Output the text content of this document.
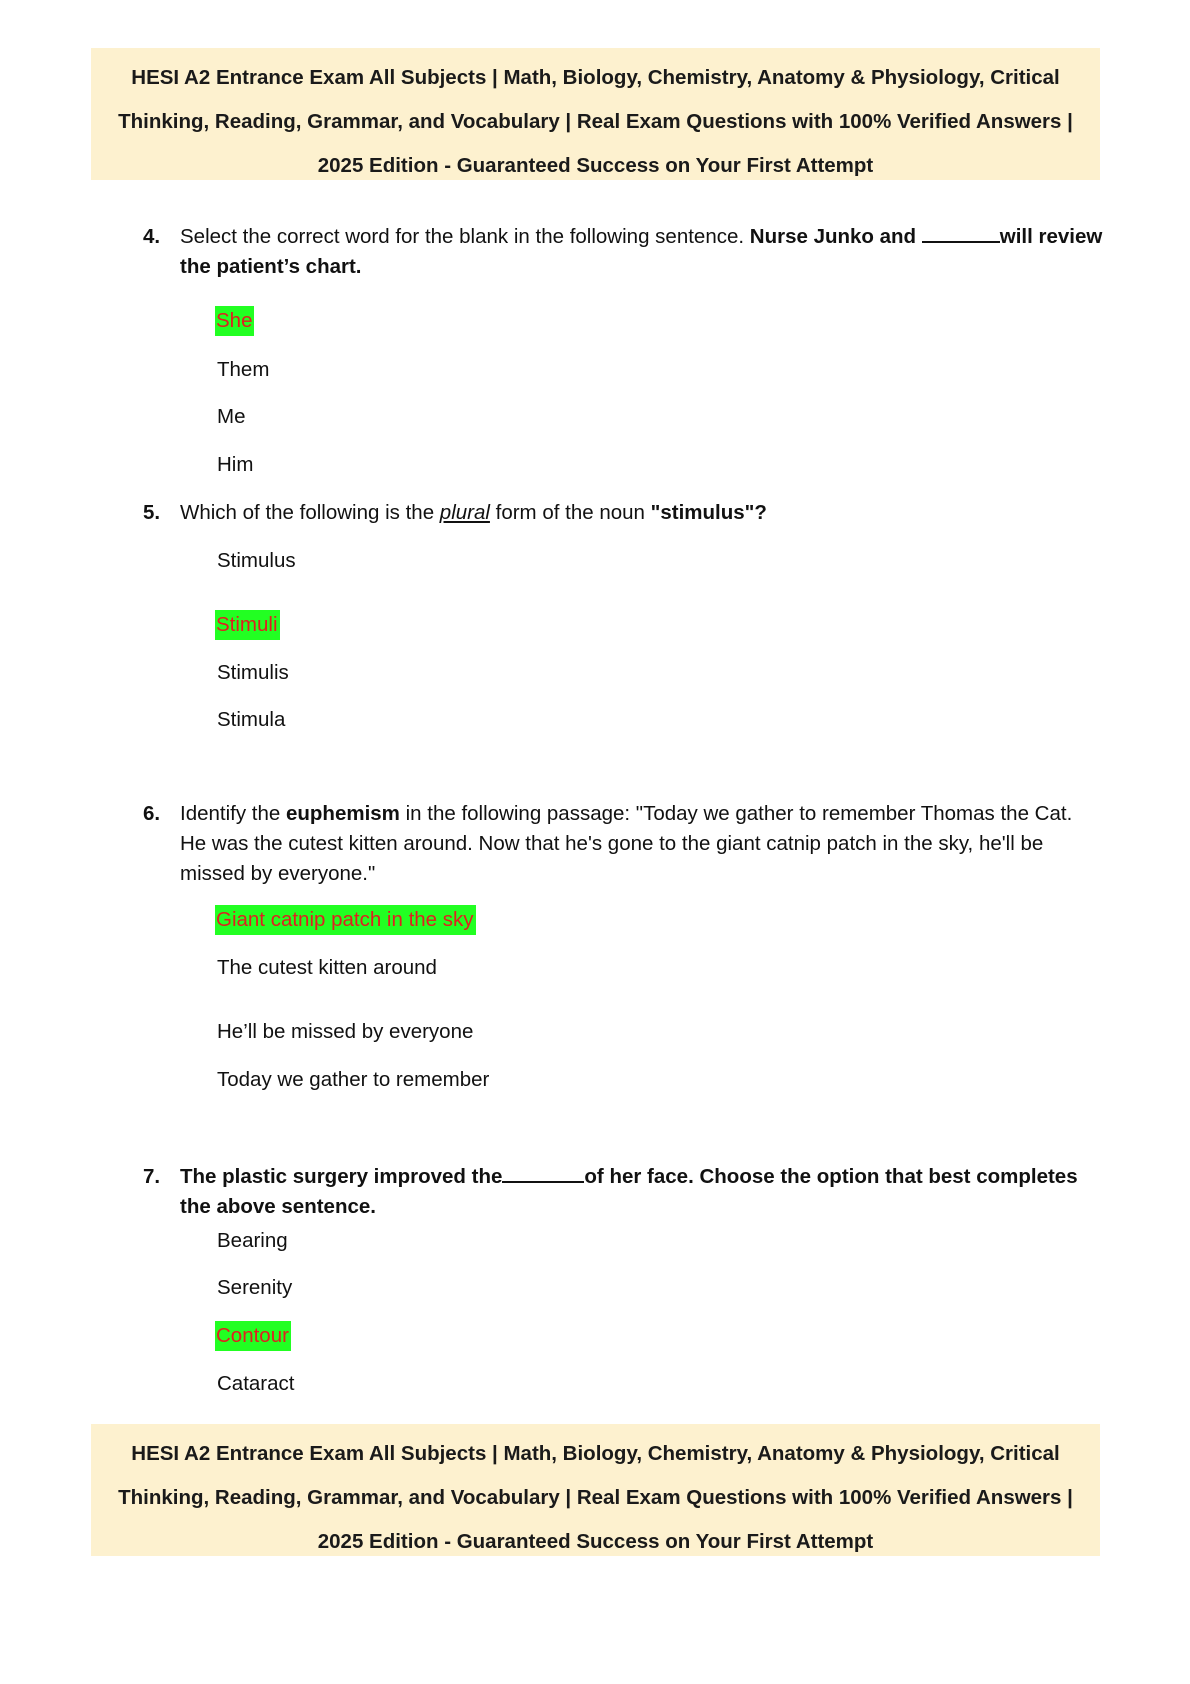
HESI A2 Entrance Exam All Subjects | Math, Biology, Chemistry, Anatomy & Physiology, Critical
Thinking, Reading, Grammar, and Vocabulary | Real Exam Questions with 100% Verified Answers |
2025 Edition - Guaranteed Success on Your First Attempt
4. Select the correct word for the blank in the following sentence. Nurse Junko and	will review the patient’s chart.
She
Them
Me
Him
5. Which of the following is the plural form of the noun "stimulus"?
Stimulus
Stimuli
Stimulis
Stimula
6. Identify the euphemism in the following passage: "Today we gather to remember Thomas the Cat. He was the cutest kitten around. Now that he's gone to the giant catnip patch in the sky, he'll be missed by everyone."
Giant catnip patch in the sky
The cutest kitten around
He’ll be missed by everyone
Today we gather to remember
7. The plastic surgery improved the	of her face. Choose the option that best completes the above sentence.
Bearing
Serenity
Contour
Cataract
HESI A2 Entrance Exam All Subjects | Math, Biology, Chemistry, Anatomy & Physiology, Critical
Thinking, Reading, Grammar, and Vocabulary | Real Exam Questions with 100% Verified Answers |
2025 Edition - Guaranteed Success on Your First Attempt
